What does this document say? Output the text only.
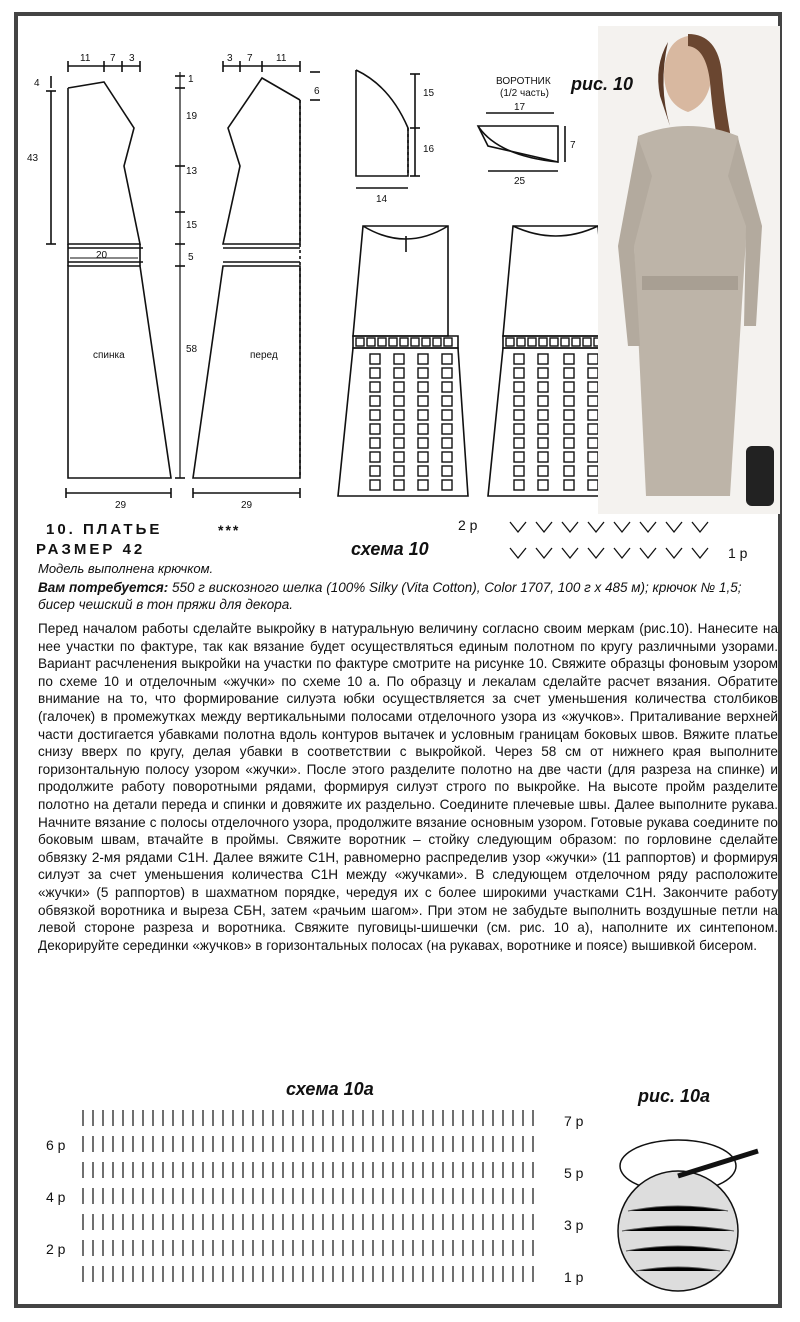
11 7 3
4
43
20
29
спинка
3 7 11
6
1
19
13
15
5
58
29
перед
15
16
14
ВОРОТНИК
(1/2 часть)
17
7
25
рис. 10
2 р
1 р
10. ПЛАТЬЕ	***
РАЗМЕР 42	схема 10
Модель выполнена крючком.
Вам потребуется: 550 г вискозного шелка (100% Silky (Vita Cotton), Color 1707, 100 г х 485 м); крючок № 1,5; бисер чешский в тон пряжи для декора.
Перед началом работы сделайте выкройку в натуральную величину согласно своим меркам (рис.10). Нанесите на нее участки по фактуре, так как вязание будет осуществляться единым полотном по кругу различными узорами. Вариант расчленения выкройки на участки по фактуре смотрите на рисунке 10. Свяжите образцы фоновым узором по схеме 10 и отделочным «жучки» по схеме 10 а. По образцу и лекалам сделайте расчет вязания. Обратите внимание на то, что формирование силуэта юбки осуществляется за счет уменьшения количества столбиков (галочек) в промежутках между вертикальными полосами отделочного узора из «жучков». Приталивание верхней части достигается убавками полотна вдоль контуров вытачек и условным границам боковых швов. Вяжите платье снизу вверх по кругу, делая убавки в соответствии с выкройкой. Через 58 см от нижнего края выполните горизонтальную полосу узором «жучки». После этого разделите полотно на две части (для разреза на спинке) и продолжите работу поворотными рядами, формируя силуэт строго по выкройке. На высоте пройм разделите полотно на детали переда и спинки и довяжите их раздельно. Соедините плечевые швы. Далее выполните рукава. Начните вязание с полосы отделочного узора, продолжите вязание основным узором. Готовые рукава соедините по боковым швам, втачайте в проймы. Свяжите воротник – стойку следующим образом: по горловине сделайте обвязку 2-мя рядами С1Н. Далее вяжите С1Н, равномерно распределив узор «жучки» (11 раппортов) и формируя силуэт за счет уменьшения количества С1Н между «жучками». В следующем отделочном ряду расположите «жучки» (5 раппортов) в шахматном порядке, чередуя их с более широкими участками С1Н. Закончите работу обвязкой воротника и выреза СБН, затем «рачьим шагом». При этом не забудьте выполнить воздушные петли на левой стороне разреза и воротника. Свяжите пуговицы-шишечки (см. рис. 10 а), наполните их синтепоном. Декорируйте серединки «жучков» в горизонтальных полосах (на рукавах, воротнике и поясе) вышивкой бисером.
схема 10а	рис. 10а
6 р
4 р
2 р
7 р
5 р
3 р
1 р
